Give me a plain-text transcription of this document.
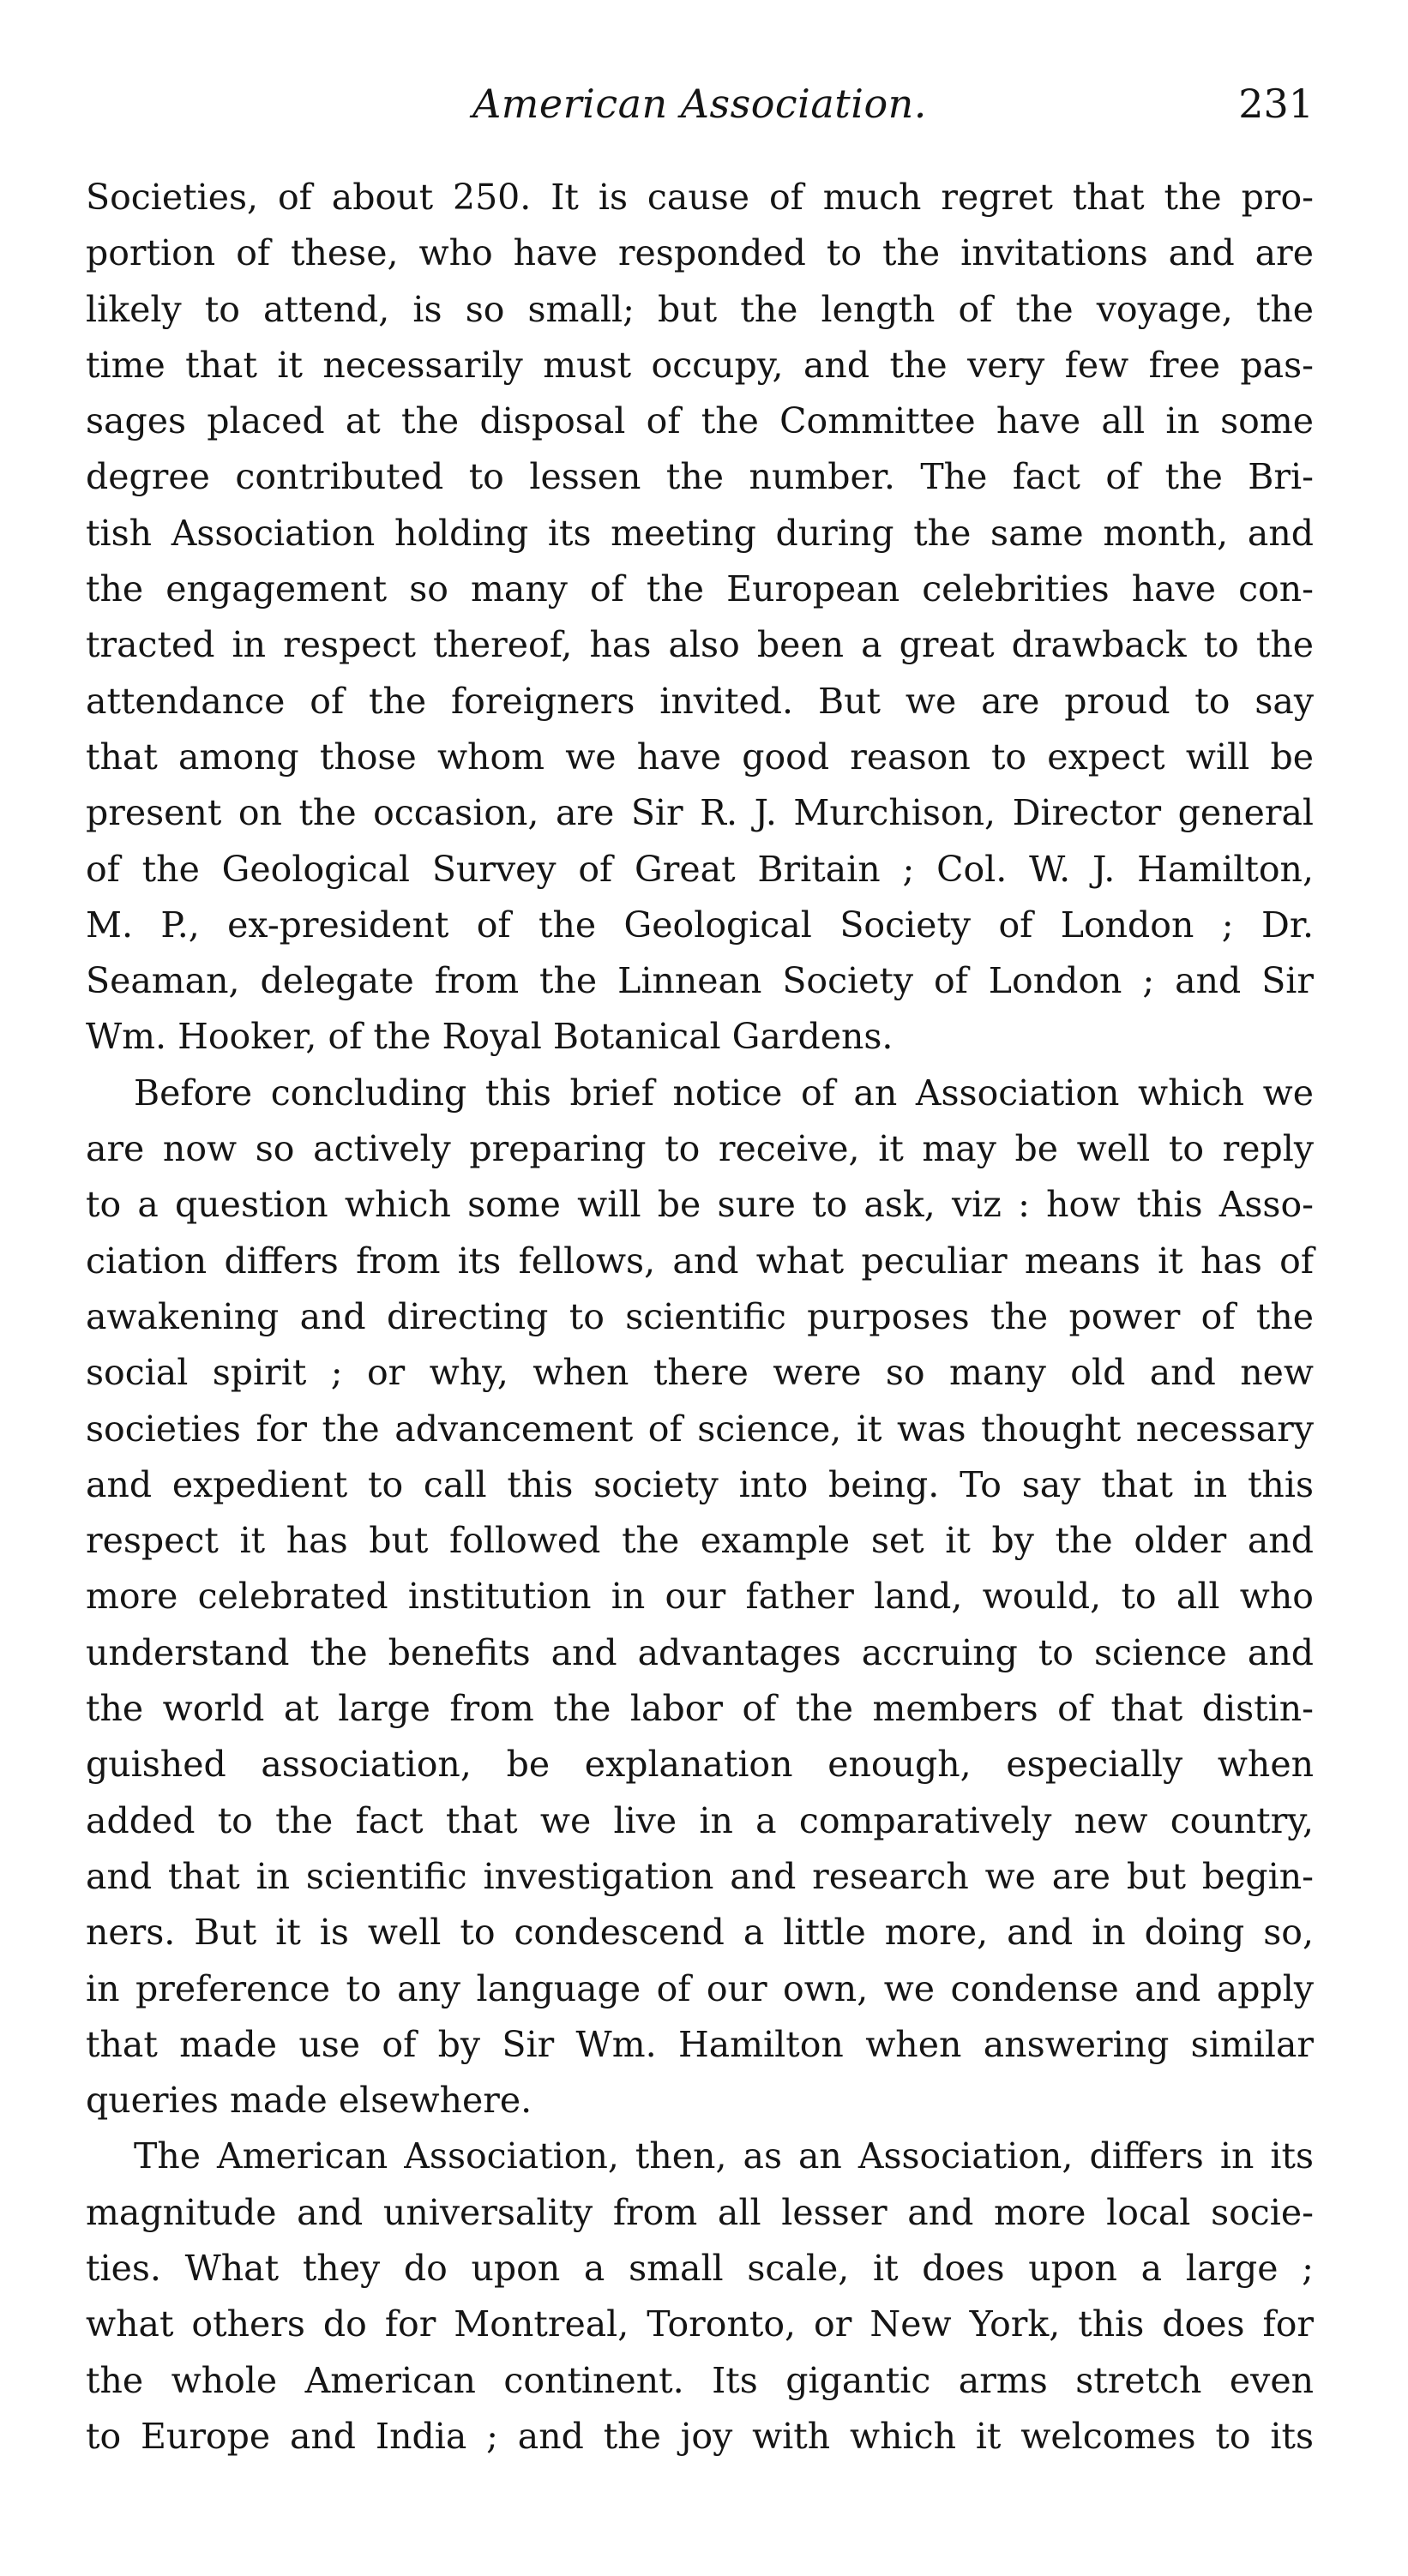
American Association.	231
Societies, of about 250. It is cause of much regret that the pro-
portion of these, who have responded to the invitations and are
likely to attend, is so small; but the length of the voyage, the
time that it necessarily must occupy, and the very few free pas-
sages placed at the disposal of the Committee have all in some
degree contributed to lessen the number. The fact of the Bri-
tish Association holding its meeting during the same month, and
the engagement so many of the European celebrities have con-
tracted in respect thereof, has also been a great drawback to the
attendance of the foreigners invited. But we are proud to say
that among those whom we have good reason to expect will be
present on the occasion, are Sir R. J. Murchison, Director general
of the Geological Survey of Great Britain ; Col. W. J. Hamilton,
M. P., ex-president of the Geological Society of London ; Dr.
Seaman, delegate from the Linnean Society of London ; and Sir
Wm. Hooker, of the Royal Botanical Gardens.
Before concluding this brief notice of an Association which we
are now so actively preparing to receive, it may be well to reply
to a question which some will be sure to ask, viz : how this Asso-
ciation differs from its fellows, and what peculiar means it has of
awakening and directing to scientific purposes the power of the
social spirit ; or why, when there were so many old and new
societies for the advancement of science, it was thought necessary
and expedient to call this society into being. To say that in this
respect it has but followed the example set it by the older and
more celebrated institution in our father land, would, to all who
understand the benefits and advantages accruing to science and
the world at large from the labor of the members of that distin-
guished association, be explanation enough, especially when
added to the fact that we live in a comparatively new country,
and that in scientific investigation and research we are but begin-
ners. But it is well to condescend a little more, and in doing so,
in preference to any language of our own, we condense and apply
that made use of by Sir Wm. Hamilton when answering similar
queries made elsewhere.
The American Association, then, as an Association, differs in its
magnitude and universality from all lesser and more local socie-
ties. What they do upon a small scale, it does upon a large ;
what others do for Montreal, Toronto, or New York, this does for
the whole American continent. Its gigantic arms stretch even
to Europe and India ; and the joy with which it welcomes to its
